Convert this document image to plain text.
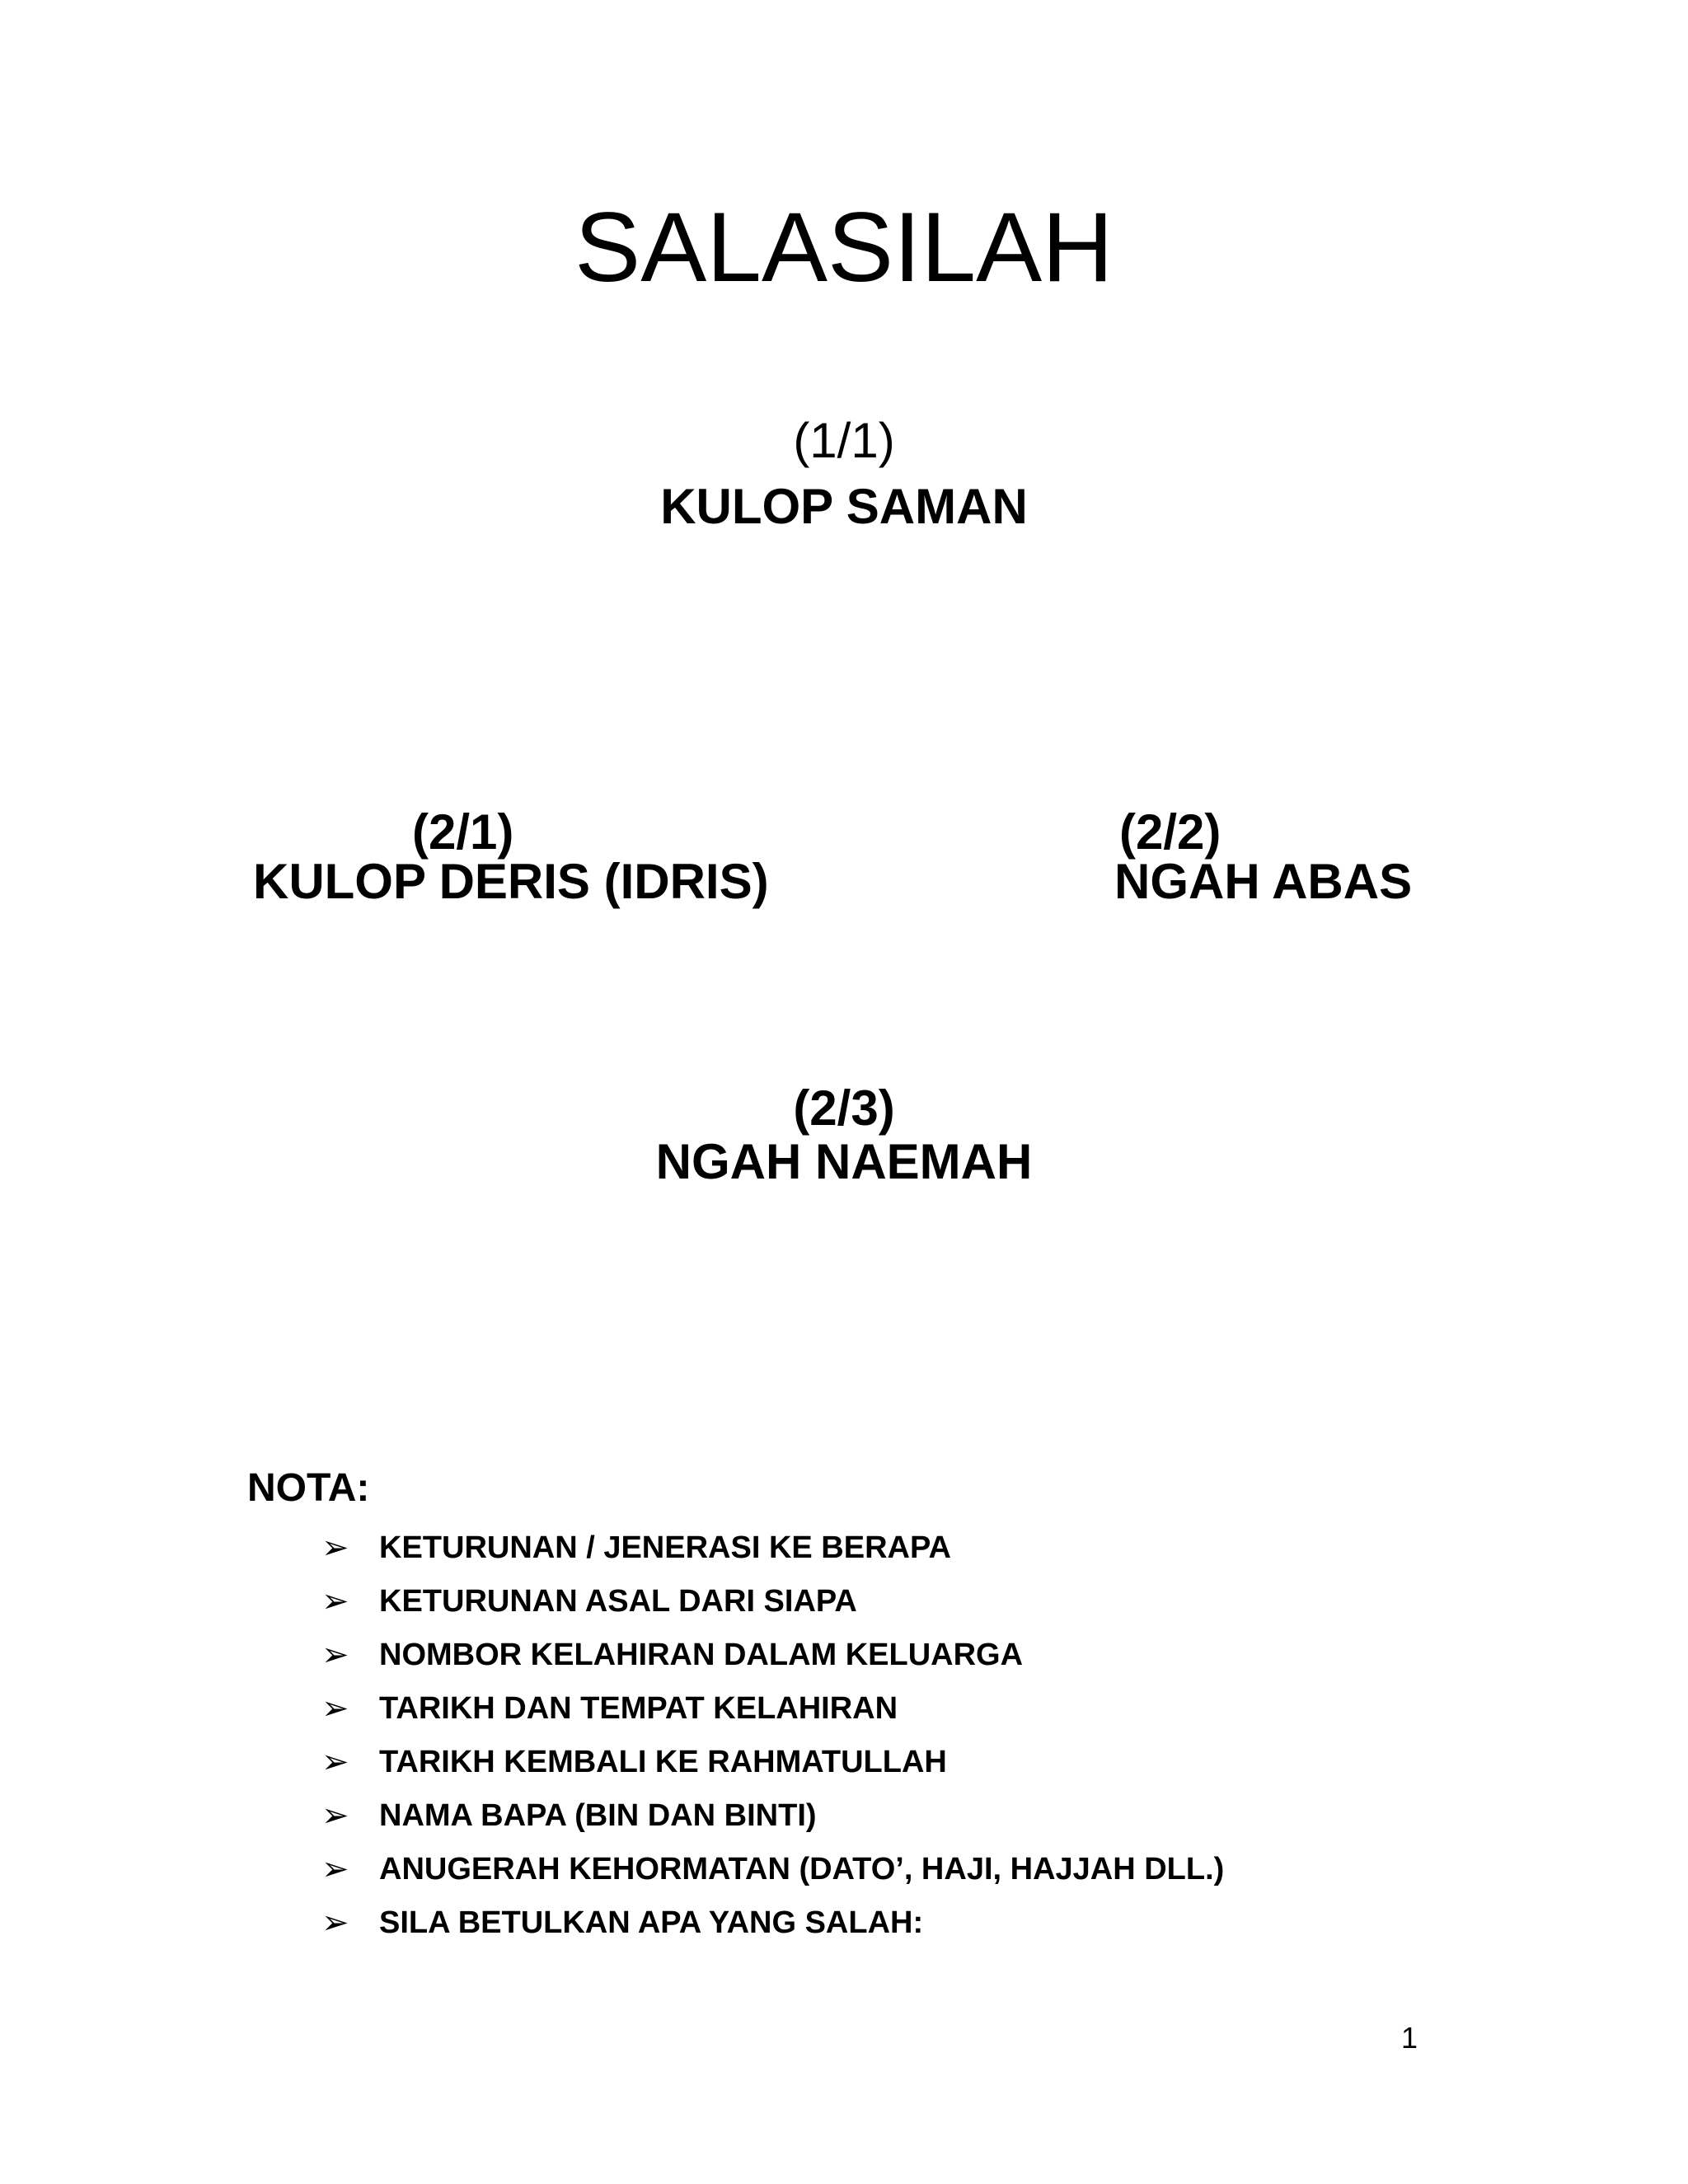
SALASILAH
(1/1)
KULOP SAMAN
(2/1)
KULOP DERIS (IDRIS)
(2/2)
NGAH ABAS
(2/3)
NGAH NAEMAH
NOTA:
➢ KETURUNAN / JENERASI KE BERAPA
➢ KETURUNAN ASAL DARI SIAPA
➢ NOMBOR KELAHIRAN DALAM KELUARGA
➢ TARIKH DAN TEMPAT KELAHIRAN
➢ TARIKH KEMBALI KE RAHMATULLAH
➢ NAMA BAPA (BIN DAN BINTI)
➢ ANUGERAH KEHORMATAN (DATO’, HAJI, HAJJAH DLL.)
➢ SILA BETULKAN APA YANG SALAH:
1
